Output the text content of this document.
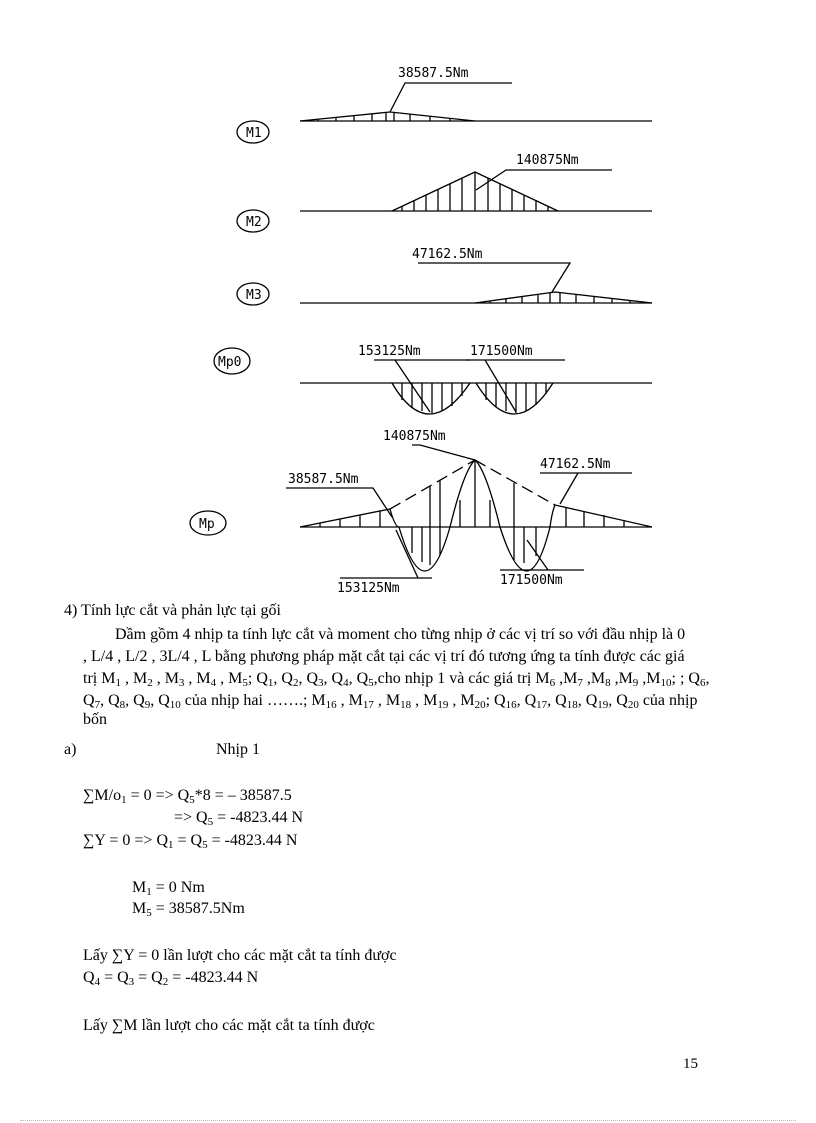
38587.5Nm
M1
140875Nm
M2
47162.5Nm
M3
153125Nm	171500Nm
Mp0
140875Nm
38587.5Nm
47162.5Nm
153125Nm
171500Nm
Mp
4) Tính lực cắt và phản lực tại gối
Dầm gồm 4 nhịp ta tính lực cắt và moment cho từng nhịp ở các vị trí so với đầu nhịp là 0
, L/4 , L/2 , 3L/4 , L bằng phương pháp mặt cắt tại các vị trí đó tương ứng ta tính được các giá
trị $M_1$ , $M_2$ , $M_3$ , $M_4$ , $M_5$; $Q_1$, $Q_2$, $Q_3$, $Q_4$, $Q_5,cho$ nhịp 1 và các giá trị $M_6$ $,M_7$ $,M_8$ $,M_9$ $,M_{10}$; ; $Q_6$,
$Q_7$, $Q_8$, $Q_9$, $Q_{10}$ của nhịp hai …….; $M_{16}$ , $M_{17}$ , $M_{18}$ , $M_{19}$ , $M_{20}$; $Q_{16}$, $Q_{17}$, $Q_{18}$, $Q_{19}$, $Q_{20}$ của nhịp
bốn
a)	Nhịp 1
$\sum M/o_1 = 0 => Q_5*8$ = – 38587.5
=> $Q_5 = -4823.44$ N
$\sum Y = 0 => Q_1 = Q_5 = -4823.44$ N
$M_1 = 0$ Nm
$M_5 = 38587.5Nm$
Lấy ∑Y = 0 lần lượt cho các mặt cắt ta tính được
$Q_4 = Q_3 = Q_2 = -4823.44$ N
Lấy ∑M lần lượt cho các mặt cắt ta tính được
15
